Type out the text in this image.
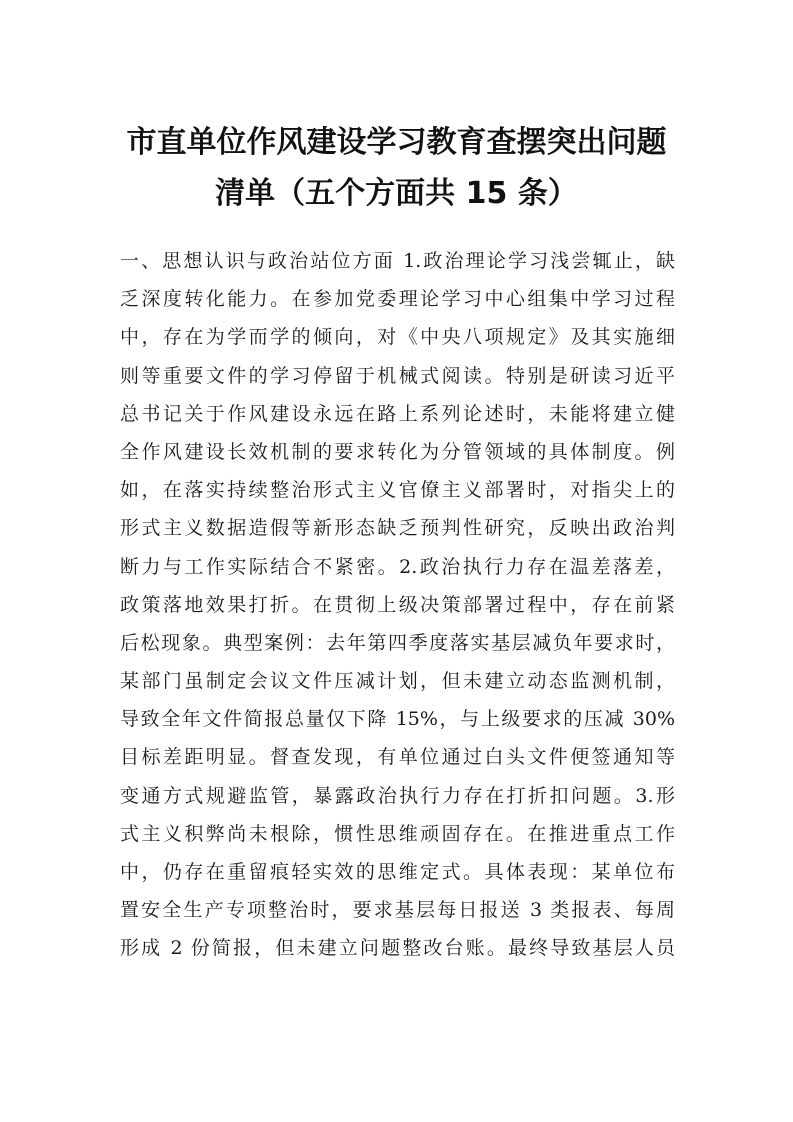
市直单位作风建设学习教育查摆突出问题
清单（五个方面共 15 条）
一、思想认识与政治站位方面 1.政治理论学习浅尝辄止，缺
乏深度转化能力。在参加党委理论学习中心组集中学习过程
中，存在为学而学的倾向，对《中央八项规定》及其实施细
则等重要文件的学习停留于机械式阅读。特别是研读习近平
总书记关于作风建设永远在路上系列论述时，未能将建立健
全作风建设长效机制的要求转化为分管领域的具体制度。例
如，在落实持续整治形式主义官僚主义部署时，对指尖上的
形式主义数据造假等新形态缺乏预判性研究，反映出政治判
断力与工作实际结合不紧密。2.政治执行力存在温差落差，
政策落地效果打折。在贯彻上级决策部署过程中，存在前紧
后松现象。典型案例：去年第四季度落实基层减负年要求时，
某部门虽制定会议文件压减计划，但未建立动态监测机制，
导致全年文件简报总量仅下降 15%，与上级要求的压减 30%
目标差距明显。督查发现，有单位通过白头文件便签通知等
变通方式规避监管，暴露政治执行力存在打折扣问题。3.形
式主义积弊尚未根除，惯性思维顽固存在。在推进重点工作
中，仍存在重留痕轻实效的思维定式。具体表现：某单位布
置安全生产专项整治时，要求基层每日报送 3 类报表、每周
形成 2 份简报，但未建立问题整改台账。最终导致基层人员
